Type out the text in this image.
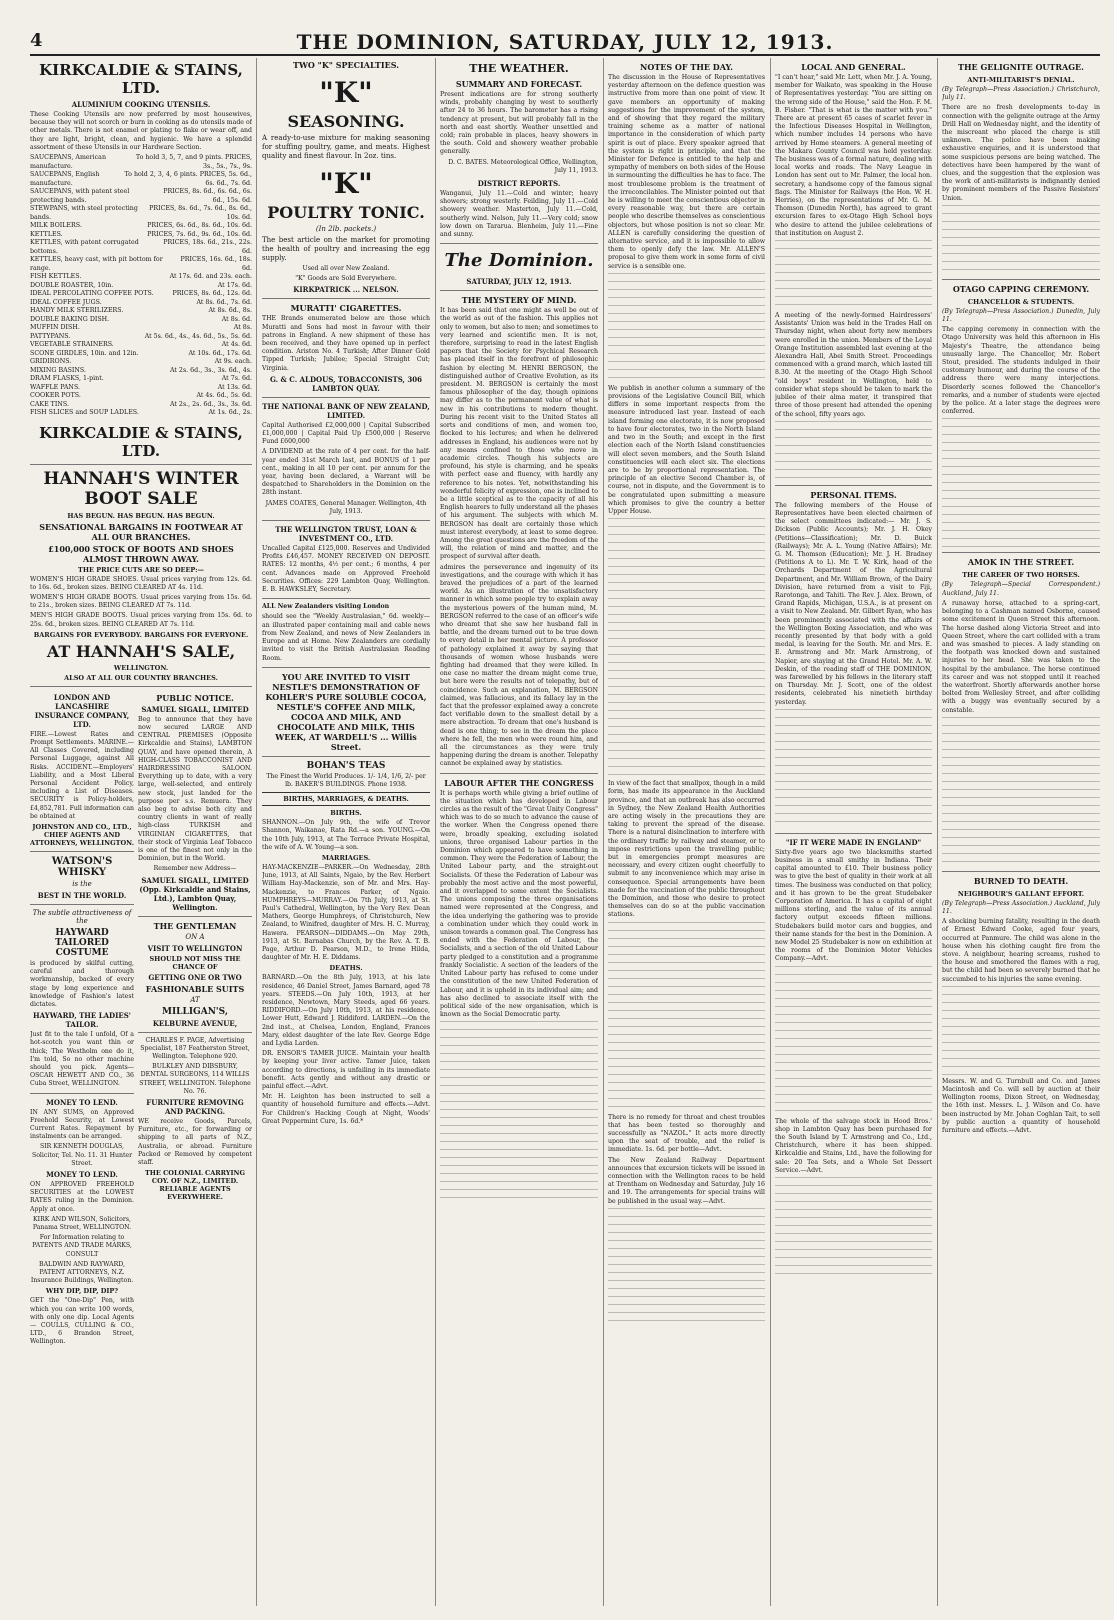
4	THE DOMINION, SATURDAY, JULY 12, 1913.
KIRKCALDIE & STAINS, LTD.
ALUMINIUM COOKING UTENSILS.

These Cooking Utensils are now preferred by most housewives, because they will not scorch or burn in cooking as do utensils made of other metals. There is not enamel or plating to flake or wear off, and they are light, bright, clean, and hygienic. We have a splendid assortment of these Utensils in our Hardware Section.

SAUCEPANS, American manufacture.
To hold 3, 5, 7, and 9 pints. PRICES, 3s., 5s., 7s., 9s.
SAUCEPANS, English manufacture.
To hold 2, 3, 4, 6 pints. PRICES, 5s. 6d., 6s. 6d., 7s. 6d.
SAUCEPANS, with patent steel protecting bands.
PRICES, 8s. 6d., 6s. 6d., 6s. 6d., 15s. 6d.
STEWPANS, with steel protecting bands.
PRICES, 8s. 6d., 7s. 6d., 8s. 6d., 10s. 6d.
MILK BOILERS.	PRICES, 6s. 6d., 8s. 6d., 10s. 6d.
KETTLES.	PRICES, 7s. 6d., 9s. 6d., 10s. 6d.
KETTLES, with patent corrugated bottoms.
PRICES, 18s. 6d., 21s., 22s. 6d.
KETTLES, heavy cast, with pit bottom for range.
PRICES, 16s. 6d., 18s. 6d.
FISH KETTLES.	At 17s. 6d. and 23s. each.
DOUBLE ROASTER, 10in.	At 17s. 6d.
IDEAL PERCOLATING COFFEE POTS.	PRICES, 8s. 6d., 12s. 6d.
IDEAL COFFEE JUGS.	At 8s. 6d., 7s. 6d.
HANDY MILK STERILIZERS.	At 8s. 6d., 8s.
DOUBLE BAKING DISH.	At 8s. 6d.
MUFFIN DISH.	At 8s.
PATTYPANS.	At 5s. 6d., 4s., 4s. 6d., 5s., 5s. 6d.
VEGETABLE STRAINERS.	At 4s. 6d.
SCONE GIRDLES, 10in. and 12in.	At 10s. 6d., 17s. 6d.
GRIDIRONS.	At 9s. each.
MIXING BASINS.	At 2s. 6d., 3s., 3s. 6d., 4s.
DRAM FLASKS, 1-pint.	At 7s. 6d.
WAFFLE PANS.	At 13s. 6d.
COOKER POTS.	At 4s. 6d., 5s. 6d.
CAKE TINS.	At 2s., 2s. 6d., 3s., 3s. 6d.
FISH SLICES and SOUP LADLES.	At 1s. 6d., 2s.
KIRKCALDIE & STAINS, LTD.
HANNAH'S WINTER BOOT SALE
HAS BEGUN. HAS BEGUN. HAS BEGUN.
SENSATIONAL BARGAINS IN FOOTWEAR AT ALL OUR BRANCHES.
£100,000 STOCK OF BOOTS AND SHOES ALMOST THROWN AWAY.
THE PRICE CUTS ARE SO DEEP:—

WOMEN'S HIGH GRADE SHOES. Usual prices varying from 12s. 6d. to 16s. 6d., broken sizes. BEING CLEARED AT 4s. 11d.

WOMEN'S HIGH GRADE BOOTS. Usual prices varying from 15s. 6d. to 21s., broken sizes. BEING CLEARED AT 7s. 11d.

MEN'S HIGH GRADE BOOTS. Usual prices varying from 15s. 6d. to 25s. 6d., broken sizes. BEING CLEARED AT 7s. 11d.

BARGAINS FOR EVERYBODY. BARGAINS FOR EVERYONE.
AT HANNAH'S SALE,
WELLINGTON.
ALSO AT ALL OUR COUNTRY BRANCHES.
LONDON AND LANCASHIRE INSURANCE COMPANY, LTD.

FIRE.—Lowest Rates and Prompt Settlements. MARINE.—All Classes Covered, including Personal Luggage, against All Risks. ACCIDENT.—Employers' Liability, and a Most Liberal Personal Accident Policy, including a List of Diseases. SECURITY is Policy-holders, £4,852,781. Full information can be obtained at

JOHNSTON AND CO., LTD., CHIEF AGENTS AND ATTORNEYS, WELLINGTON.
WATSON'S WHISKY
is the
BEST IN THE WORLD.
The subtle attractiveness of the
HAYWARD TAILORED COSTUME

is produced by skilful cutting, careful and thorough workmanship, backed of every stage by long experience and knowledge of Fashion's latest dictates.

HAYWARD, THE LADIES' TAILOR.

Just fit to the tale I unfold, Of a hot-scotch you want thin or thick; The Westholm one do it, I'm told, So no other machine should you pick. Agents—OSCAR HEWETT AND CO., 36 Cuba Street, WELLINGTON.

MONEY TO LEND.

IN ANY SUMS, on Approved Freehold Security, at Lowest Current Rates. Repayment by instalments can be arranged.

SIR KENNETH DOUGLAS, Solicitor, Tel. No. 11. 31 Hunter Street.

MONEY TO LEND.

ON APPROVED FREEHOLD SECURITIES at the LOWEST RATES ruling in the Dominion. Apply at once.

KIRK AND WILSON, Solicitors, Panama Street, WELLINGTON.

For Information relating to PATENTS AND TRADE MARKS, CONSULT

BALDWIN AND RAYWARD, PATENT ATTORNEYS, N.Z. Insurance Buildings, Wellington.

WHY DIP, DIP, DIP?

GET the "One-Dip" Pen, with which you can write 100 words, with only one dip. Local Agents— COULLS, CULLING & CO., LTD., 6 Brandon Street, Wellington.

PUBLIC NOTICE.
SAMUEL SIGALL, LIMITED

Beg to announce that they have now secured LARGE AND CENTRAL PREMISES (Opposite Kirkcaldie and Stains), LAMBTON QUAY, and have opened therein, A HIGH-CLASS TOBACCONIST AND HAIRDRESSING SALOON. Everything up to date, with a very large, well-selected, and entirely new stock, just landed for the purpose per s.s. Remuera. They also beg to advise both city and country clients in want of really high-class TURKISH and VIRGINIAN CIGARETTES, that their stock of Virginia Leaf Tobacco is one of the finest not only in the Dominion, but in the World.

Remember new Address—

SAMUEL SIGALL, LIMITED (Opp. Kirkcaldie and Stains, Ltd.), Lambton Quay, Wellington.
THE GENTLEMAN
ON A
VISIT TO WELLINGTON
SHOULD NOT MISS THE CHANCE OF
GETTING ONE OR TWO
FASHIONABLE SUITS
AT
MILLIGAN'S,
KELBURNE AVENUE,

CHARLES F. PAGE, Advertising Specialist, 187 Featherston Street, Wellington. Telephone 920.

BULKLEY AND DIBSBURY, DENTAL SURGEONS, 114 WILLIS STREET, WELLINGTON. Telephone No. 76.

FURNITURE REMOVING AND PACKING.

WE receive Goods, Parcels, Furniture, etc., for forwarding or shipping to all parts of N.Z., Australia, or abroad. Furniture Packed or Removed by competent staff.

THE COLONIAL CARRYING COY. OF N.Z., LIMITED. RELIABLE AGENTS EVERYWHERE.
TWO "K" SPECIALTIES.
"K"
SEASONING.

A ready-to-use mixture for making seasoning for stuffing poultry, game, and meats. Highest quality and finest flavour. In 2oz. tins.

"K"
POULTRY TONIC.
(In 2lb. packets.)

The best article on the market for promoting the health of poultry and increasing the egg supply.

Used all over New Zealand.

"K" Goods are Sold Everywhere.

KIRKPATRICK ... NELSON.
MURATTI' CIGARETTES.

THE Brands enumerated below are those which Muratti and Sons had most in favour with their patrons in England. A new shipment of these has been received, and they have opened up in perfect condition. Ariston No. 4 Turkish; After Dinner Gold Tipped Turkish; Jubilee; Special Straight Cut; Virginia.

G. & C. ALDOUS, TOBACCONISTS, 306 LAMBTON QUAY.
THE NATIONAL BANK OF NEW ZEALAND, LIMITED.

Capital Authorised £2,000,000 | Capital Subscribed £1,000,000 | Capital Paid Up £500,000 | Reserve Fund £600,000

A DIVIDEND at the rate of 4 per cent. for the half-year ended 31st March last, and BONUS of 1 per cent., making in all 10 per cent. per annum for the year, having been declared, a Warrant will be despatched to Shareholders in the Dominion on the 28th instant.

JAMES COATES, General Manager. Wellington, 4th July, 1913.

THE WELLINGTON TRUST, LOAN & INVESTMENT CO., LTD.

Uncalled Capital £125,000. Reserves and Undivided Profits £46,457. MONEY RECEIVED ON DEPOSIT. RATES: 12 months, 4½ per cent.; 6 months, 4 per cent. Advances made on Approved Freehold Securities. Offices: 229 Lambton Quay, Wellington. E. B. HAWKSLEY, Secretary.

ALL New Zealanders visiting London

should see the "Weekly Australasian," 6d. weekly—an illustrated paper containing mail and cable news from New Zealand, and news of New Zealanders in Europe and at Home. New Zealanders are cordially invited to visit the British Australasian Reading Room.

YOU ARE INVITED TO VISIT NESTLE'S DEMONSTRATION OF KOHLER'S PURE SOLUBLE COCOA, NESTLE'S COFFEE AND MILK, COCOA AND MILK, AND CHOCOLATE AND MILK, THIS WEEK, AT WARDELL'S ... Willis Street.
BOHAN'S TEAS

The Finest the World Produces. 1/- 1/4, 1/6, 2/- per lb. BAKER'S BUILDINGS. Phone 1938.

BIRTHS, MARRIAGES, & DEATHS.
BIRTHS.

SHANNON.—On July 9th, the wife of Trevor Shannon, Waikanae, Rata Rd.—a son. YOUNG.—On the 10th July, 1913, at The Terrace Private Hospital, the wife of A. W. Young—a son.

MARRIAGES.

HAY-MACKENZIE—PARKER.—On Wednesday, 28th June, 1913, at All Saints, Ngaio, by the Rev. Herbert William Hay-Mackenzie, son of Mr. and Mrs. Hay-Mackenzie, to Frances Parker, of Ngaio. HUMPHREYS—MURRAY.—On 7th July, 1913, at St. Paul's Cathedral, Wellington, by the Very Rev. Dean Mathers, George Humphreys, of Christchurch, New Zealand, to Winifred, daughter of Mrs. H. C. Murray, Hawera. PEARSON—DIDDAMS.—On May 29th, 1913, at St. Barnabas Church, by the Rev. A. T. B. Page, Arthur D. Pearson, M.D., to Irene Hilda, daughter of Mr. H. E. Diddams.

DEATHS.

BARNARD.—On the 8th July, 1913, at his late residence, 46 Daniel Street, James Barnard, aged 78 years. STEEDS.—On July 10th, 1913, at her residence, Newtown, Mary Steeds, aged 66 years. RIDDIFORD.—On July 10th, 1913, at his residence, Lower Hutt, Edward J. Riddiford. LARDEN.—On the 2nd inst., at Chelsea, London, England, Frances Mary, eldest daughter of the late Rev. George Edge and Lydia Larden.

DR. ENSOR'S TAMER JUICE. Maintain your health by keeping your liver active. Tamer Juice, taken according to directions, is unfailing in its immediate benefit. Acts gently and without any drastic or painful effect.—Advt.

Mr. H. Leighton has been instructed to sell a quantity of household furniture and effects.—Advt. For Children's Hacking Cough at Night, Woods' Great Peppermint Cure, 1s. 6d.*

THE WEATHER.
SUMMARY AND FORECAST.

Present indications are for strong southerly winds, probably changing by west to southerly after 24 to 36 hours. The barometer has a rising tendency at present, but will probably fall in the north and east shortly. Weather unsettled and cold; rain probable in places, heavy showers in the south. Cold and showery weather probable generally.

D. C. BATES. Meteorological Office, Wellington, July 11, 1913.

DISTRICT REPORTS.

Wanganui, July 11.—Cold and winter; heavy showers; strong westerly. Feilding, July 11.—Cold showery weather. Masterton, July 11.—Cold, southerly wind. Nelson, July 11.—Very cold; snow low down on Tararua. Blenheim, July 11.—Fine and sunny.

The Dominion.
SATURDAY, JULY 12, 1913.
THE MYSTERY OF MIND.

It has been said that one might as well be out of the world as out of the fashion. This applies not only to women, but also to men; and sometimes to very learned and scientific men. It is not, therefore, surprising to read in the latest English papers that the Society for Psychical Research has placed itself in the forefront of philosophic fashion by electing M. HENRI BERGSON, the distinguished author of Creative Evolution, as its president. M. BERGSON is certainly the most famous philosopher of the day, though opinions may differ as to the permanent value of what is new in his contributions to modern thought. During his recent visit to the United States all sorts and conditions of men, and women too, flocked to his lectures; and when he delivered addresses in England, his audiences were not by any means confined to those who move in academic circles. Though his subjects are profound, his style is charming, and he speaks with perfect ease and fluency, with hardly any reference to his notes. Yet, notwithstanding his wonderful felicity of expression, one is inclined to be a little sceptical as to the capacity of all his English hearers to fully understand all the phases of his argument. The subjects with which M. BERGSON has dealt are certainly those which must interest everybody, at least to some degree. Among the great questions are the freedom of the will, the relation of mind and matter, and the prospect of survival after death.

admires the perseverance and ingenuity of its investigations, and the courage with which it has braved the prejudices of a part of the learned world. As an illustration of the unsatisfactory manner in which some people try to explain away the mysterious powers of the human mind, M. BERGSON referred to the case of an officer's wife who dreamt that she saw her husband fall in battle, and the dream turned out to be true down to every detail in her mental picture. A professor of pathology explained it away by saying that thousands of women whose husbands were fighting had dreamed that they were killed. In one case no matter the dream might come true, but here were the results not of telepathy, but of coincidence. Such an explanation, M. BERGSON claimed, was fallacious, and its fallacy lay in the fact that the professor explained away a concrete fact verifiable down to the smallest detail by a mere abstraction. To dream that one's husband is dead is one thing; to see in the dream the place where he fell, the men who were round him, and all the circumstances as they were truly happening during the dream is another. Telepathy cannot be explained away by statistics.

LABOUR AFTER THE CONGRESS

It is perhaps worth while giving a brief outline of the situation which has developed in Labour circles as the result of the "Great Unity Congress" which was to do so much to advance the cause of the worker. When the Congress opened there were, broadly speaking, excluding isolated unions, three organised Labour parties in the Dominion which appeared to have something in common. They were the Federation of Labour, the United Labour party, and the straight-out Socialists. Of these the Federation of Labour was probably the most active and the most powerful, and it overlapped to some extent the Socialists. The unions composing the three organisations named were represented at the Congress, and the idea underlying the gathering was to provide a combination under which they could work in unison towards a common goal. The Congress has ended with the Federation of Labour, the Socialists, and a section of the old United Labour party pledged to a constitution and a programme frankly Socialistic. A section of the leaders of the United Labour party has refused to come under the constitution of the new United Federation of Labour, and it is upheld in its individual aim; and has also declined to associate itself with the political side of the new organisation, which is known as the Social Democratic party.

NOTES OF THE DAY.

The discussion in the House of Representatives yesterday afternoon on the defence question was instructive from more than one point of view. It gave members an opportunity of making suggestions for the improvement of the system, and of showing that they regard the military training scheme as a matter of national importance in the consideration of which party spirit is out of place. Every speaker agreed that the system is right in principle, and that the Minister for Defence is entitled to the help and sympathy of members on both sides of the House in surmounting the difficulties he has to face. The most troublesome problem is the treatment of the irreconcilables. The Minister pointed out that he is willing to meet the conscientious objector in every reasonable way, but there are certain people who describe themselves as conscientious objectors, but whose position is not so clear. Mr. ALLEN is carefully considering the question of alternative service, and it is impossible to allow them to openly defy the law. Mr. ALLEN'S proposal to give them work in some form of civil service is a sensible one.

We publish in another column a summary of the provisions of the Legislative Council Bill, which differs in some important respects from the measure introduced last year. Instead of each island forming one electorate, it is now proposed to have four electorates, two in the North Island and two in the South; and except in the first election each of the North Island constituencies will elect seven members, and the South Island constituencies will each elect six. The elections are to be by proportional representation. The principle of an elective Second Chamber is, of course, not in dispute, and the Government is to be congratulated upon submitting a measure which promises to give the country a better Upper House.

In view of the fact that smallpox, though in a mild form, has made its appearance in the Auckland province, and that an outbreak has also occurred in Sydney, the New Zealand Health Authorities are acting wisely in the precautions they are taking to prevent the spread of the disease. There is a natural disinclination to interfere with the ordinary traffic by railway and steamer, or to impose restrictions upon the travelling public; but in emergencies prompt measures are necessary, and every citizen ought cheerfully to submit to any inconvenience which may arise in consequence. Special arrangements have been made for the vaccination of the public throughout the Dominion, and those who desire to protect themselves can do so at the public vaccination stations.

There is no remedy for throat and chest troubles that has been tested so thoroughly and successfully as "NAZOL." It acts more directly upon the seat of trouble, and the relief is immediate. 1s. 6d. per bottle—Advt.

The New Zealand Railway Department announces that excursion tickets will be issued in connection with the Wellington races to be held at Trentham on Wednesday and Saturday, July 16 and 19. The arrangements for special trains will be published in the usual way.—Advt.

LOCAL AND GENERAL.

"I can't hear," said Mr. Lett, when Mr. J. A. Young, member for Waikato, was speaking in the House of Representatives yesterday. "You are sitting on the wrong side of the House," said the Hon. F. M. B. Fisher. "That is what is the matter with you." There are at present 65 cases of scarlet fever in the Infectious Diseases Hospital in Wellington, which number includes 14 persons who have arrived by Home steamers. A general meeting of the Makara County Council was held yesterday. The business was of a formal nature, dealing with local works and roads. The Navy League in London has sent out to Mr. Palmer, the local hon. secretary, a handsome copy of the famous signal flags. The Minister for Railways (the Hon. W. H. Herries), on the representations of Mr. G. M. Thomson (Dunedin North), has agreed to grant excursion fares to ex-Otago High School boys who desire to attend the jubilee celebrations of that institution on August 2.

A meeting of the newly-formed Hairdressers' Assistants' Union was held in the Trades Hall on Thursday night, when about forty new members were enrolled in the union. Members of the Loyal Orange Institution assembled last evening at the Alexandra Hall, Abel Smith Street. Proceedings commenced with a grand march, which lasted till 8.30. At the meeting of the Otago High School "old boys" resident in Wellington, held to consider what steps should be taken to mark the jubilee of their alma mater, it transpired that three of those present had attended the opening of the school, fifty years ago.

PERSONAL ITEMS.

The following members of the House of Representatives have been elected chairmen of the select committees indicated:— Mr. J. S. Dickson (Public Accounts); Mr. J. H. Okey (Petitions—Classification); Mr. D. Buick (Railways); Mr. A. L. Young (Native Affairs); Mr. G. M. Thomson (Education); Mr. J. H. Bradney (Petitions A to L). Mr. T. W. Kirk, head of the Orchards Department of the Agricultural Department, and Mr. William Brown, of the Dairy Division, have returned from a visit to Fiji, Rarotonga, and Tahiti. The Rev. J. Alex. Brown, of Grand Rapids, Michigan, U.S.A., is at present on a visit to New Zealand. Mr. Gilbert Ryan, who has been prominently associated with the affairs of the Wellington Boxing Association, and who was recently presented by that body with a gold medal, is leaving for the South. Mr. and Mrs. E. E. Armstrong and Mr. Mark Armstrong, of Napier, are staying at the Grand Hotel. Mr. A. W. Deskin, of the reading staff of THE DOMINION, was farewelled by his fellows in the literary staff on Thursday. Mr. J. Scott, one of the oldest residents, celebrated his ninetieth birthday yesterday.

"IF IT WERE MADE IN ENGLAND"

Sixty-five years ago two blacksmiths started business in a small smithy in Indiana. Their capital amounted to £10. Their business policy was to give the best of quality in their work at all times. The business was conducted on that policy, and it has grown to be the great Studebaker Corporation of America. It has a capital of eight millions sterling, and the value of its annual factory output exceeds fifteen millions. Studebakers build motor cars and buggies, and their name stands for the best in the Dominion. A new Model 25 Studebaker is now on exhibition at the rooms of the Dominion Motor Vehicles Company.—Advt.

The whole of the salvage stock in Hood Bros.' shop in Lambton Quay has been purchased for the South Island by T. Armstrong and Co., Ltd., Christchurch, where it has been shipped. Kirkcaldie and Stains, Ltd., have the following for sale: 20 Tea Sets, and a Whole Set Dessert Service.—Advt.

THE GELIGNITE OUTRAGE.
ANTI-MILITARIST'S DENIAL.

(By Telegraph—Press Association.) Christchurch, July 11.

There are no fresh developments to-day in connection with the gelignite outrage at the Army Drill Hall on Wednesday night, and the identity of the miscreant who placed the charge is still unknown. The police have been making exhaustive enquiries, and it is understood that some suspicious persons are being watched. The detectives have been hampered by the want of clues, and the suggestion that the explosion was the work of anti-militarists is indignantly denied by prominent members of the Passive Resisters' Union.

OTAGO CAPPING CEREMONY.
CHANCELLOR & STUDENTS.

(By Telegraph—Press Association.) Dunedin, July 11.

The capping ceremony in connection with the Otago University was held this afternoon in His Majesty's Theatre, the attendance being unusually large. The Chancellor, Mr. Robert Stout, presided. The students indulged in their customary humour, and during the course of the address there were many interjections. Disorderly scenes followed the Chancellor's remarks, and a number of students were ejected by the police. At a later stage the degrees were conferred.

AMOK IN THE STREET.
THE CAREER OF TWO HORSES.

(By Telegraph—Special Correspondent.) Auckland, July 11.

A runaway horse, attached to a spring-cart, belonging to a Cashman named Osborne, caused some excitement in Queen Street this afternoon. The horse dashed along Victoria Street and into Queen Street, where the cart collided with a tram and was smashed to pieces. A lady standing on the footpath was knocked down and sustained injuries to her head. She was taken to the hospital by the ambulance. The horse continued its career and was not stopped until it reached the waterfront. Shortly afterwards another horse bolted from Wellesley Street, and after colliding with a buggy was eventually secured by a constable.

BURNED TO DEATH.
NEIGHBOUR'S GALLANT EFFORT.

(By Telegraph—Press Association.) Auckland, July 11.

A shocking burning fatality, resulting in the death of Ernest Edward Cooke, aged four years, occurred at Panmure. The child was alone in the house when his clothing caught fire from the stove. A neighbour, hearing screams, rushed to the house and smothered the flames with a rug, but the child had been so severely burned that he succumbed to his injuries the same evening.

Messrs. W. and G. Turnbull and Co. and James Macintosh and Co. will sell by auction at their Wellington rooms, Dixon Street, on Wednesday, the 16th inst. Messrs. L. J. Wilson and Co. have been instructed by Mr. Johan Coghlan Tait, to sell by public auction a quantity of household furniture and effects.—Advt.
